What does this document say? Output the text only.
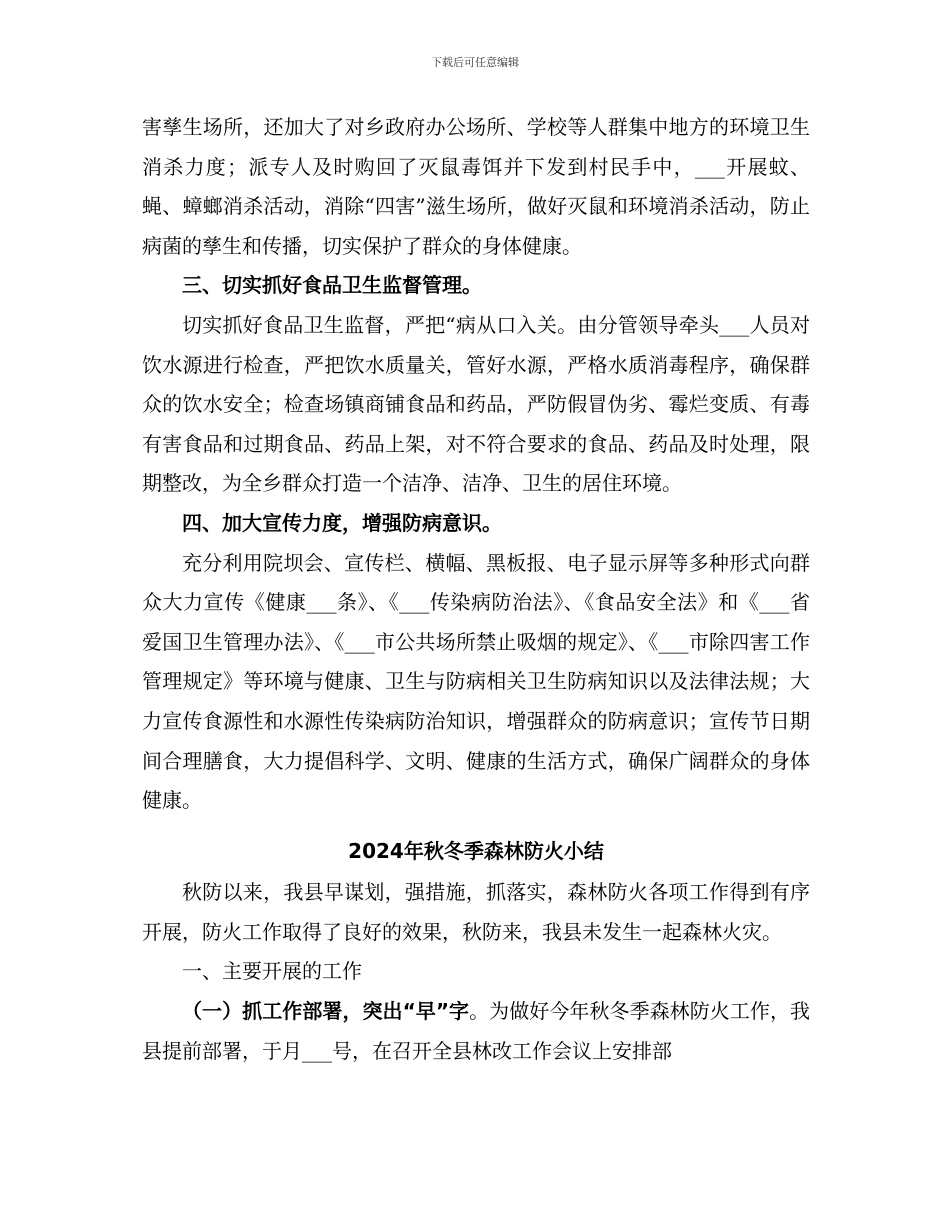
下载后可任意编辑

害孳生场所，还加大了对乡政府办公场所、学校等人群集中地方的环境卫生消杀力度；派专人及时购回了灭鼠毒饵并下发到村民手中，___开展蚊、蝇、蟑螂消杀活动，消除“四害”滋生场所，做好灭鼠和环境消杀活动，防止病菌的孳生和传播，切实保护了群众的身体健康。

三、切实抓好食品卫生监督管理。

切实抓好食品卫生监督，严把“病从口入关。由分管领导牵头___人员对饮水源进行检查，严把饮水质量关，管好水源，严格水质消毒程序，确保群众的饮水安全；检查场镇商铺食品和药品，严防假冒伪劣、霉烂变质、有毒有害食品和过期食品、药品上架，对不符合要求的食品、药品及时处理，限期整改，为全乡群众打造一个洁净、洁净、卫生的居住环境。

四、加大宣传力度，增强防病意识。

充分利用院坝会、宣传栏、横幅、黑板报、电子显示屏等多种形式向群众大力宣传《健康___条》、《___传染病防治法》、《食品安全法》和《___省爱国卫生管理办法》、《___市公共场所禁止吸烟的规定》、《___市除四害工作管理规定》等环境与健康、卫生与防病相关卫生防病知识以及法律法规；大力宣传食源性和水源性传染病防治知识，增强群众的防病意识；宣传节日期间合理膳食，大力提倡科学、文明、健康的生活方式，确保广阔群众的身体健康。

2024年秋冬季森林防火小结

秋防以来，我县早谋划，强措施，抓落实，森林防火各项工作得到有序开展，防火工作取得了良好的效果，秋防来，我县未发生一起森林火灾。

一、主要开展的工作

（一）抓工作部署，突出“早”字。为做好今年秋冬季森林防火工作，我县提前部署，于月___号，在召开全县林改工作会议上安排部
